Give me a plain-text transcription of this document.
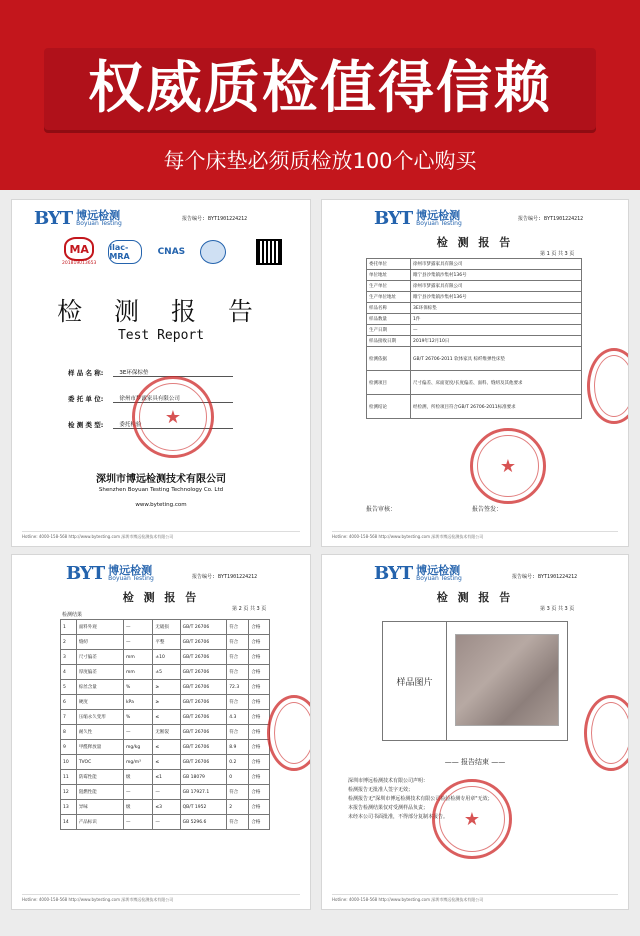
权威质检值得信赖
每个床垫必须质检放100个心购买
BYT 博远检测
Boyuan Testing
报告编号: BYT1901224212
MA
201819013653
ilac-MRA	CNAS
检 测 报 告
Test Report
样 品 名 称:	3E环保棕垫
委 托 单 位:	徐州市梦露家具有限公司
检 测 类 型:	委托检验	★
深圳市博远检测技术有限公司
Shenzhen Boyuan Testing Technology Co. Ltd
www.byteting.com
Hotline: 4000-158-568 http://www.bytesting.com 深圳市博远检测技术有限公司
BYT 博远检测
Boyuan Testing
报告编号: BYT1901224212
检 测 报 告
第 1 页 共 3 页
委托单位	徐州市梦露家具有限公司
单位地址	睢宁县沙集镇沙集村136号
生产单位	徐州市梦露家具有限公司
生产单位地址	睢宁县沙集镇沙集村136号
样品名称	3E环保棕垫
样品数量	1件
生产日期	—
样品接收日期	2019年12月10日
检测依据	GB/T 26706-2011 软体家具 棕纤维弹性床垫
检测项目	尺寸偏差、床面宽度/长度偏差、面料、缝纫及其他要求
检测结论	经检测，所检项目符合GB/T 26706-2011标准要求
★
报告审核：	报告签发：
Hotline: 4000-158-568 http://www.bytesting.com 深圳市博远检测技术有限公司
BYT 博远检测
Boyuan Testing	报告编号: BYT1901224212
检 测 报 告
第 2 页 共 3 页
检测结果
1	面料外观	—	无破损	GB/T 26706	符合	合格
2	缝纫	—	平整	GB/T 26706	符合	合格
3	尺寸偏差	mm	±10	GB/T 26706	符合	合格
4	厚度偏差	mm	±5	GB/T 26706	符合	合格
5	棕丝含量	%	≥	GB/T 26706	72.3	合格
6	硬度	kPa	≥	GB/T 26706	符合	合格
7	压缩永久变形	%	≤	GB/T 26706	4.3	合格
8	耐久性	—	无断裂	GB/T 26706	符合	合格
9	甲醛释放量	mg/kg	≤	GB/T 26706	8.9	合格
10	TVOC	mg/m³	≤	GB/T 26706	0.2	合格
11	防霉性能	级	≤1	GB 18079	0	合格
12	阻燃性能	—	—	GB 17927.1	符合	合格
13	异味	级	≤3	QB/T 1952	2	合格
14	产品标识	—	—	GB 5296.6	符合	合格
Hotline: 4000-158-568 http://www.bytesting.com 深圳市博远检测技术有限公司
BYT 博远检测
Boyuan Testing	报告编号: BYT1901224212
检 测 报 告
第 3 页 共 3 页
样品图片
—— 报告结束 ——
深圳市博远检测技术有限公司声明：
检测报告无批准人签字无效；
检测报告无"深圳市博远检测技术有限公司检验检测专用章"无效；
本报告检测结果仅对受测样品负责；
未经本公司书面批准，不得部分复制本报告。 ★
Hotline: 4000-158-568 http://www.bytesting.com 深圳市博远检测技术有限公司
